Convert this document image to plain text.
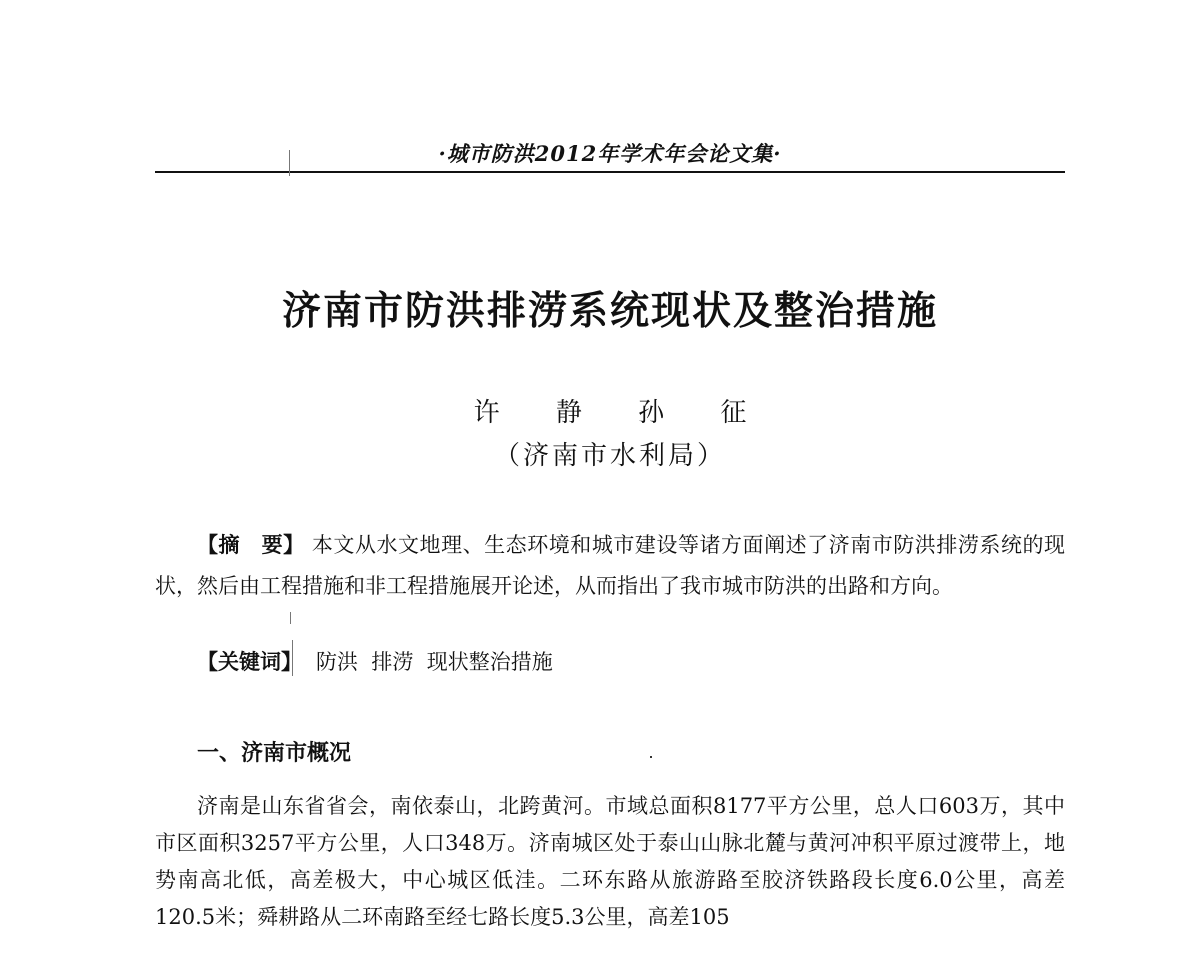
·城市防洪2012年学术年会论文集·
济南市防洪排涝系统现状及整治措施
许 静 孙 征
（济南市水利局）
【摘　要】 本文从水文地理、生态环境和城市建设等诸方面阐述了济南市防洪排涝系统的现状，然后由工程措施和非工程措施展开论述，从而指出了我市城市防洪的出路和方向。
【关键词】 防洪  排涝  现状整治措施
一、济南市概况
济南是山东省省会，南依泰山，北跨黄河。市域总面积8177平方公里，总人口603万，其中市区面积3257平方公里，人口348万。济南城区处于泰山山脉北麓与黄河冲积平原过渡带上，地势南高北低，高差极大，中心城区低洼。二环东路从旅游路至胶济铁路段长度6.0公里，高差120.5米；舜耕路从二环南路至经七路长度5.3公里，高差105
